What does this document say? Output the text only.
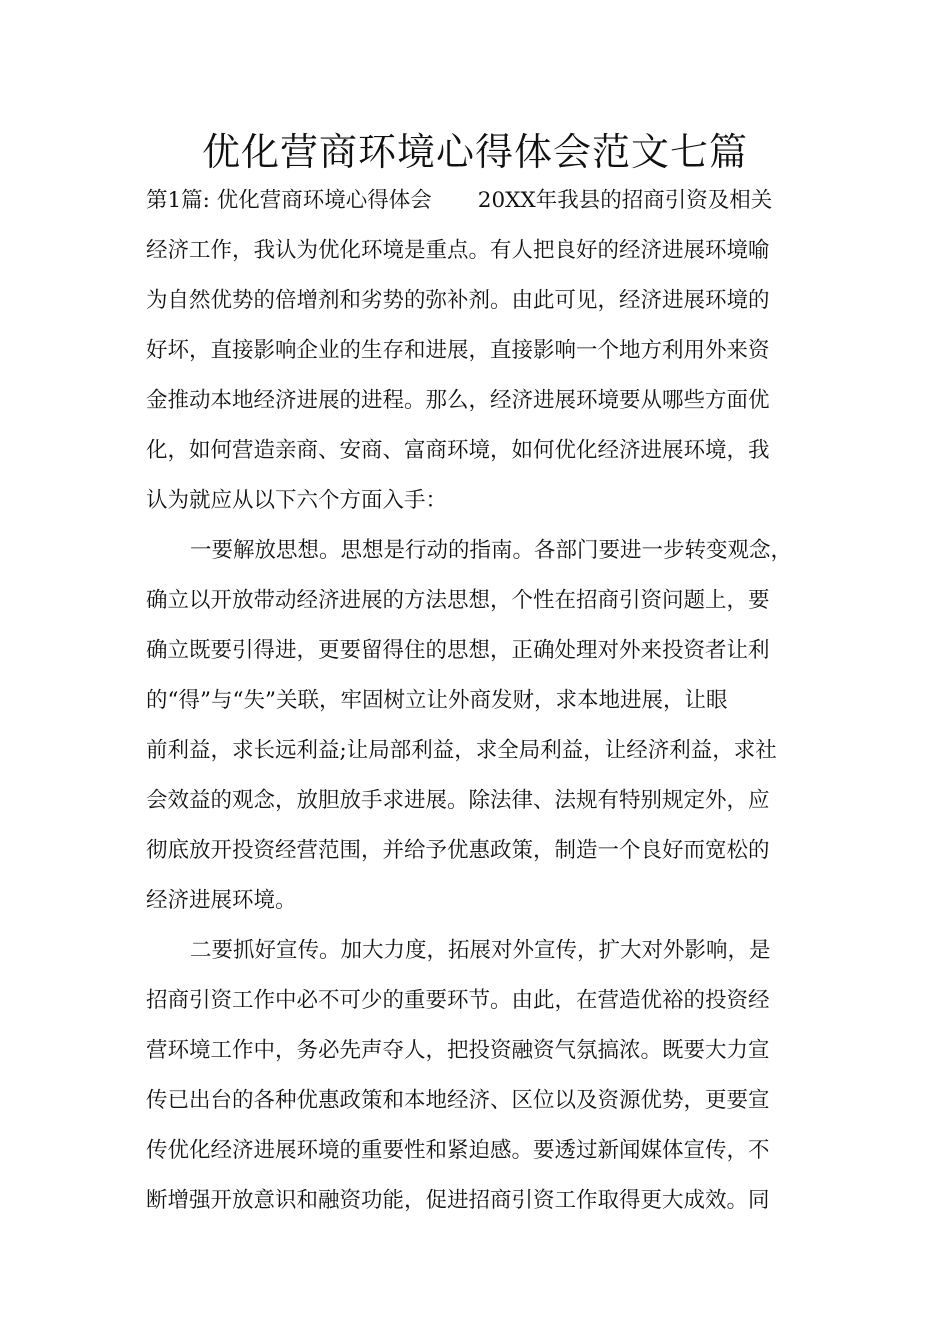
优化营商环境心得体会范文七篇
第1篇: 优化营商环境心得体会 20XX年我县的招商引资及相关
经济工作，我认为优化环境是重点。有人把良好的经济进展环境喻
为自然优势的倍增剂和劣势的弥补剂。由此可见，经济进展环境的
好坏，直接影响企业的生存和进展，直接影响一个地方利用外来资
金推动本地经济进展的进程。那么，经济进展环境要从哪些方面优
化，如何营造亲商、安商、富商环境，如何优化经济进展环境，我
认为就应从以下六个方面入手：
一要解放思想。思想是行动的指南。各部门要进一步转变观念，
确立以开放带动经济进展的方法思想，个性在招商引资问题上，要
确立既要引得进，更要留得住的思想，正确处理对外来投资者让利
的“得”与“失”关联，牢固树立让外商发财，求本地进展，让眼
前利益，求长远利益;让局部利益，求全局利益，让经济利益，求社
会效益的观念，放胆放手求进展。除法律、法规有特别规定外，应
彻底放开投资经营范围，并给予优惠政策，制造一个良好而宽松的
经济进展环境。
二要抓好宣传。加大力度，拓展对外宣传，扩大对外影响，是
招商引资工作中必不可少的重要环节。由此，在营造优裕的投资经
营环境工作中，务必先声夺人，把投资融资气氛搞浓。既要大力宣
传已出台的各种优惠政策和本地经济、区位以及资源优势，更要宣
传优化经济进展环境的重要性和紧迫感。要透过新闻媒体宣传，不
断增强开放意识和融资功能，促进招商引资工作取得更大成效。同
